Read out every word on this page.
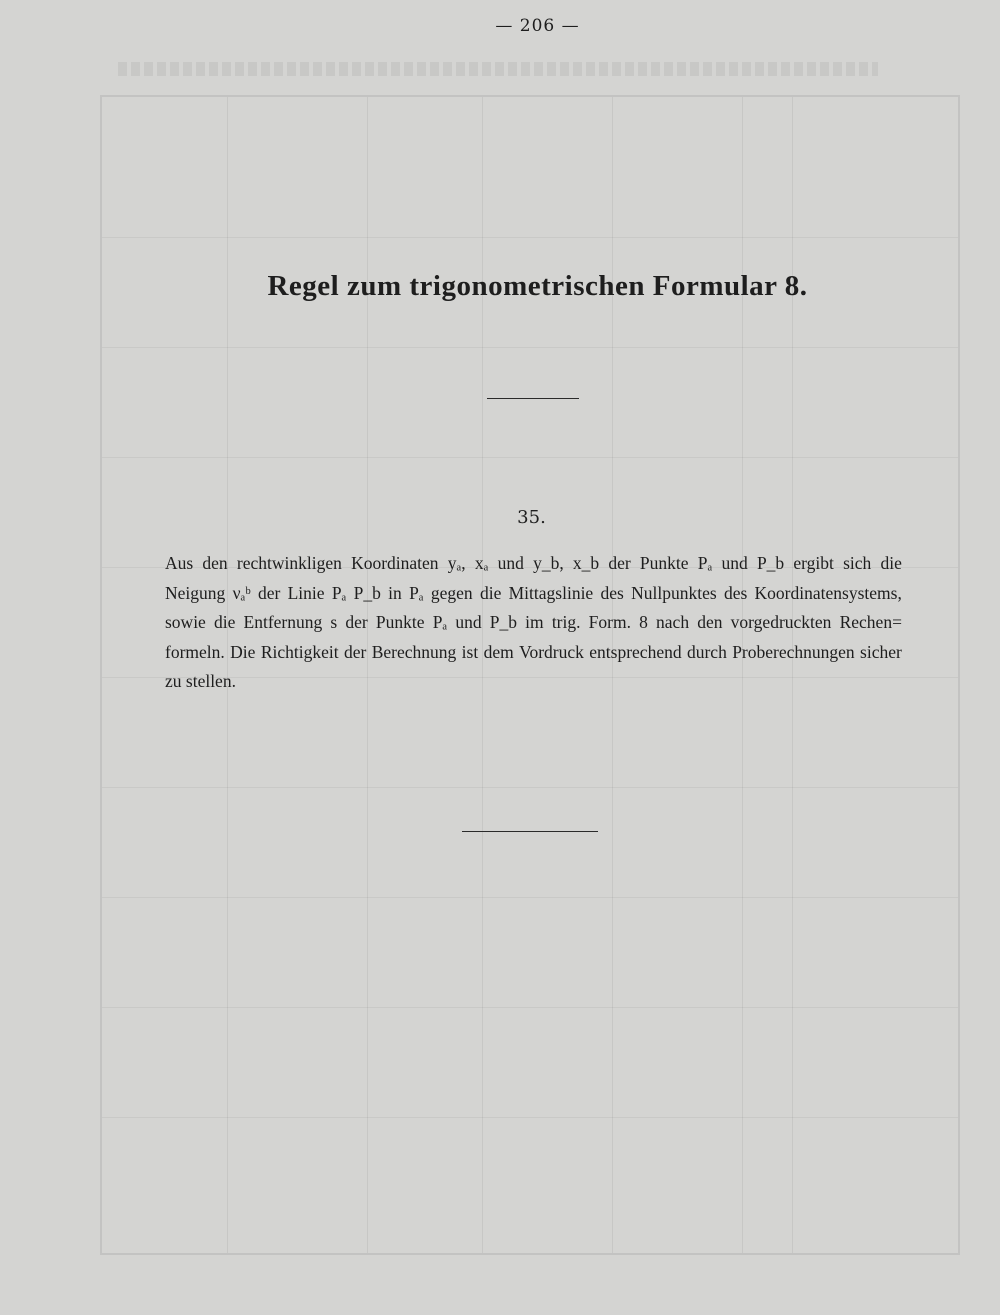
— 206 —
Regel zum trigonometrischen Formular 8.
35.
Aus den rechtwinkligen Koordinaten yₐ, xₐ und y_b, x_b der Punkte Pₐ und P_b ergibt sich die
Neigung νₐᵇ der Linie Pₐ P_b in Pₐ gegen die Mittagslinie des Nullpunktes des Koordinatensystems,
sowie die Entfernung s der Punkte Pₐ und P_b im trig. Form. 8 nach den vorgedruckten Rechen=
formeln. Die Richtigkeit der Berechnung ist dem Vordruck entsprechend durch Proberechnungen sicher
zu stellen.
